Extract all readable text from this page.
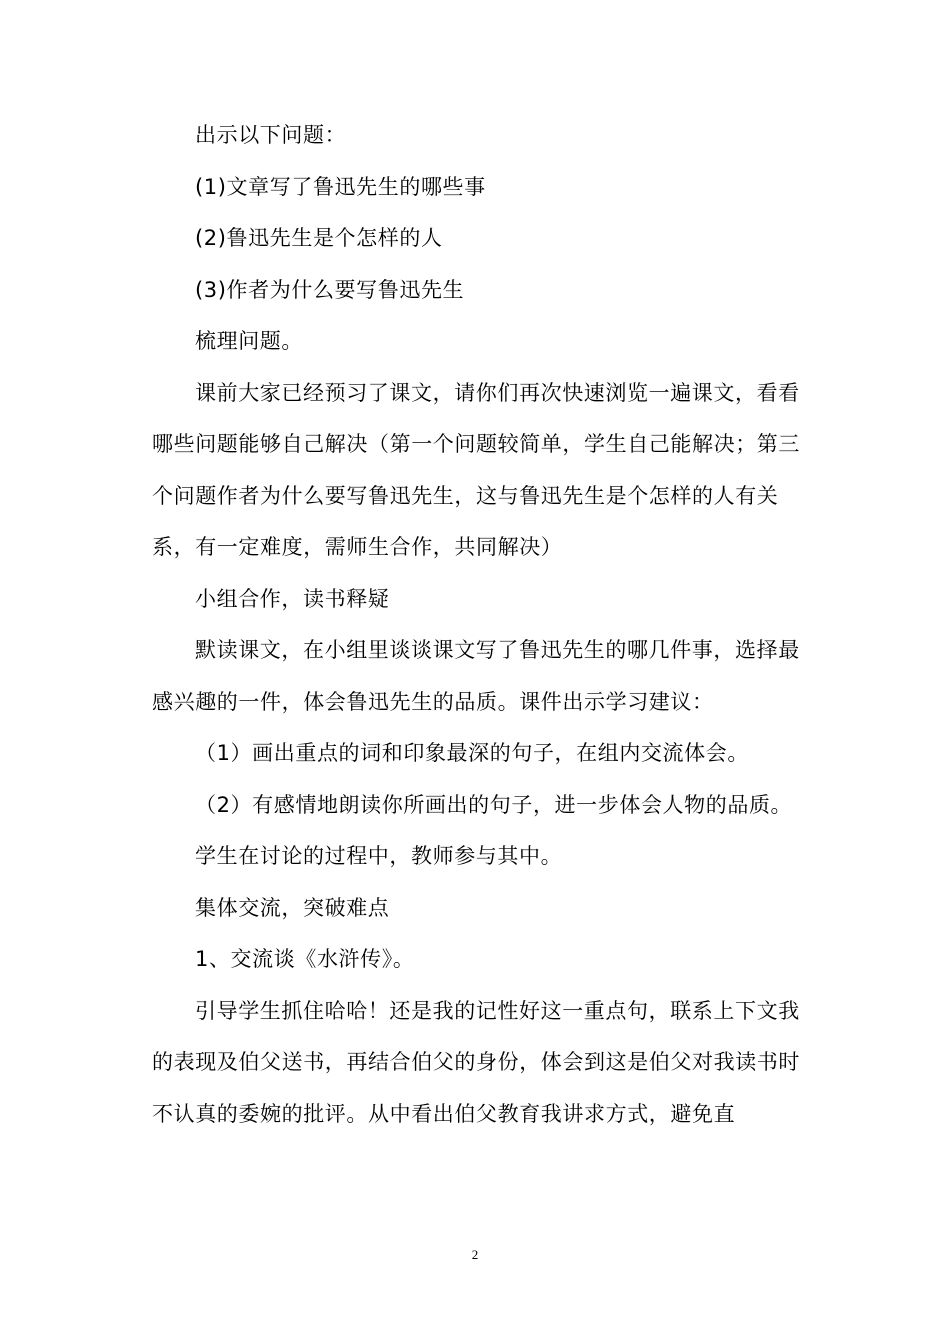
出示以下问题：

(1)文章写了鲁迅先生的哪些事

(2)鲁迅先生是个怎样的人

(3)作者为什么要写鲁迅先生

梳理问题。

课前大家已经预习了课文，请你们再次快速浏览一遍课文，看看哪些问题能够自己解决（第一个问题较简单，学生自己能解决；第三个问题作者为什么要写鲁迅先生，这与鲁迅先生是个怎样的人有关系，有一定难度，需师生合作，共同解决）

小组合作，读书释疑

默读课文，在小组里谈谈课文写了鲁迅先生的哪几件事，选择最感兴趣的一件，体会鲁迅先生的品质。课件出示学习建议：

（1）画出重点的词和印象最深的句子，在组内交流体会。

（2）有感情地朗读你所画出的句子，进一步体会人物的品质。

学生在讨论的过程中，教师参与其中。

集体交流，突破难点

1、交流谈《水浒传》。

引导学生抓住哈哈！还是我的记性好这一重点句，联系上下文我的表现及伯父送书，再结合伯父的身份，体会到这是伯父对我读书时不认真的委婉的批评。从中看出伯父教育我讲求方式，避免直

2
